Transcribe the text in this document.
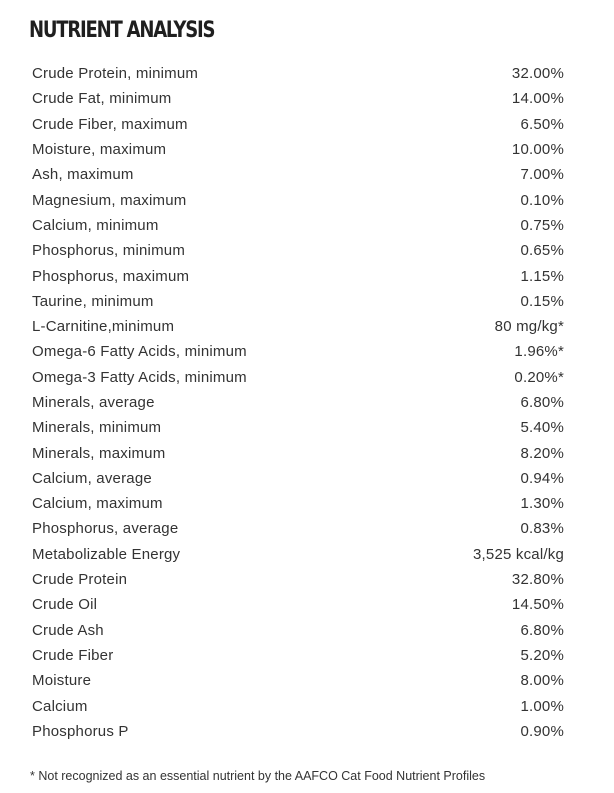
NUTRIENT ANALYSIS
Crude Protein, minimum	32.00%
Crude Fat, minimum	14.00%
Crude Fiber, maximum	6.50%
Moisture, maximum	10.00%
Ash, maximum	7.00%
Magnesium, maximum	0.10%
Calcium, minimum	0.75%
Phosphorus, minimum	0.65%
Phosphorus, maximum	1.15%
Taurine, minimum	0.15%
L-Carnitine,minimum	80 mg/kg*
Omega-6 Fatty Acids, minimum	1.96%*
Omega-3 Fatty Acids, minimum	0.20%*
Minerals, average	6.80%
Minerals, minimum	5.40%
Minerals, maximum	8.20%
Calcium, average	0.94%
Calcium, maximum	1.30%
Phosphorus, average	0.83%
Metabolizable Energy	3,525 kcal/kg
Crude Protein	32.80%
Crude Oil	14.50%
Crude Ash	6.80%
Crude Fiber	5.20%
Moisture	8.00%
Calcium	1.00%
Phosphorus P	0.90%
* Not recognized as an essential nutrient by the AAFCO Cat Food Nutrient Profiles
